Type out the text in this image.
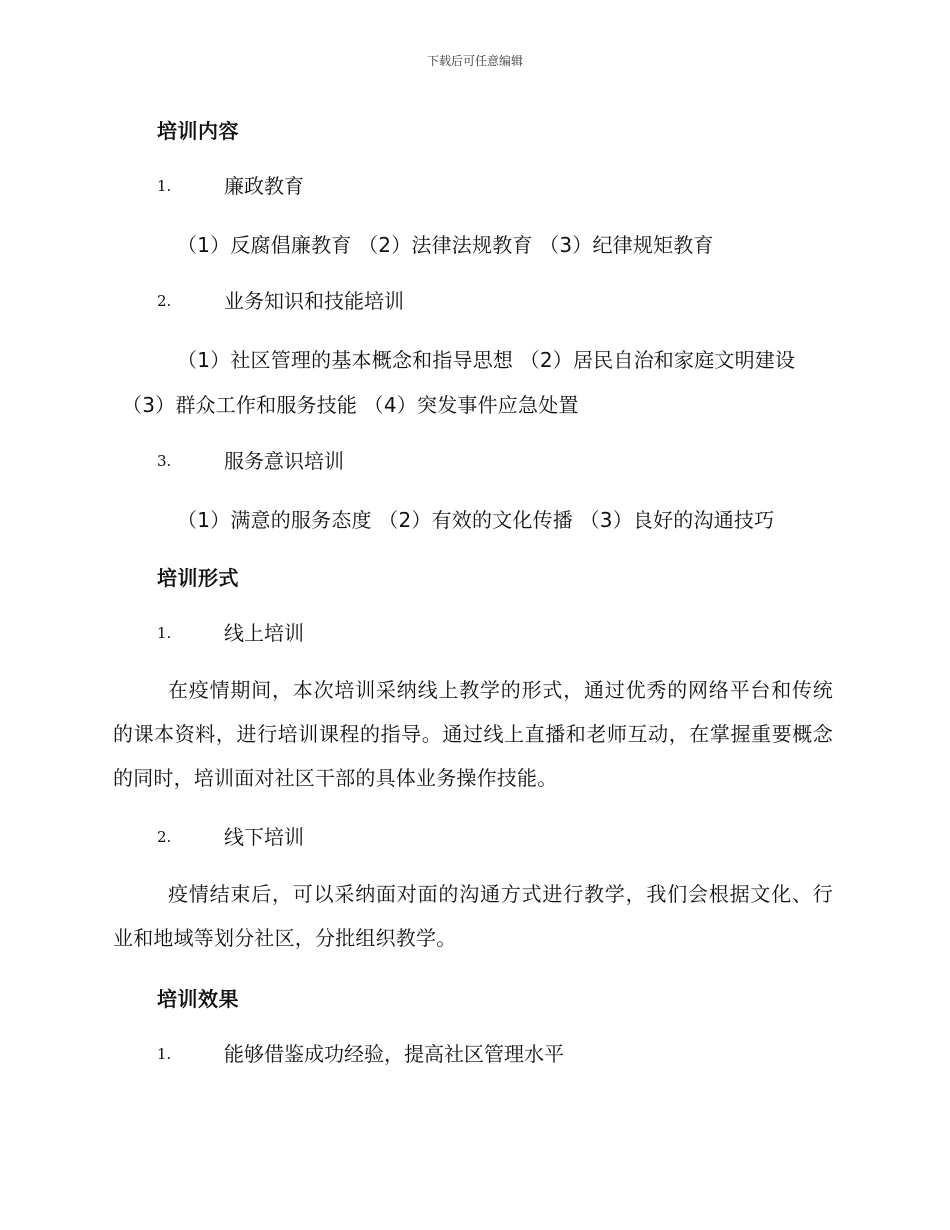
下载后可任意编辑
培训内容
1.	廉政教育
（1）反腐倡廉教育 （2）法律法规教育 （3）纪律规矩教育
2.	业务知识和技能培训
（1）社区管理的基本概念和指导思想 （2）居民自治和家庭文明建设
（3）群众工作和服务技能 （4）突发事件应急处置
3.	服务意识培训
（1）满意的服务态度 （2）有效的文化传播 （3）良好的沟通技巧
培训形式
1.	线上培训
在疫情期间，本次培训采纳线上教学的形式，通过优秀的网络平台和传统的课本资料，进行培训课程的指导。通过线上直播和老师互动，在掌握重要概念的同时，培训面对社区干部的具体业务操作技能。
2.	线下培训
疫情结束后，可以采纳面对面的沟通方式进行教学，我们会根据文化、行业和地域等划分社区，分批组织教学。
培训效果
1.	能够借鉴成功经验，提高社区管理水平
